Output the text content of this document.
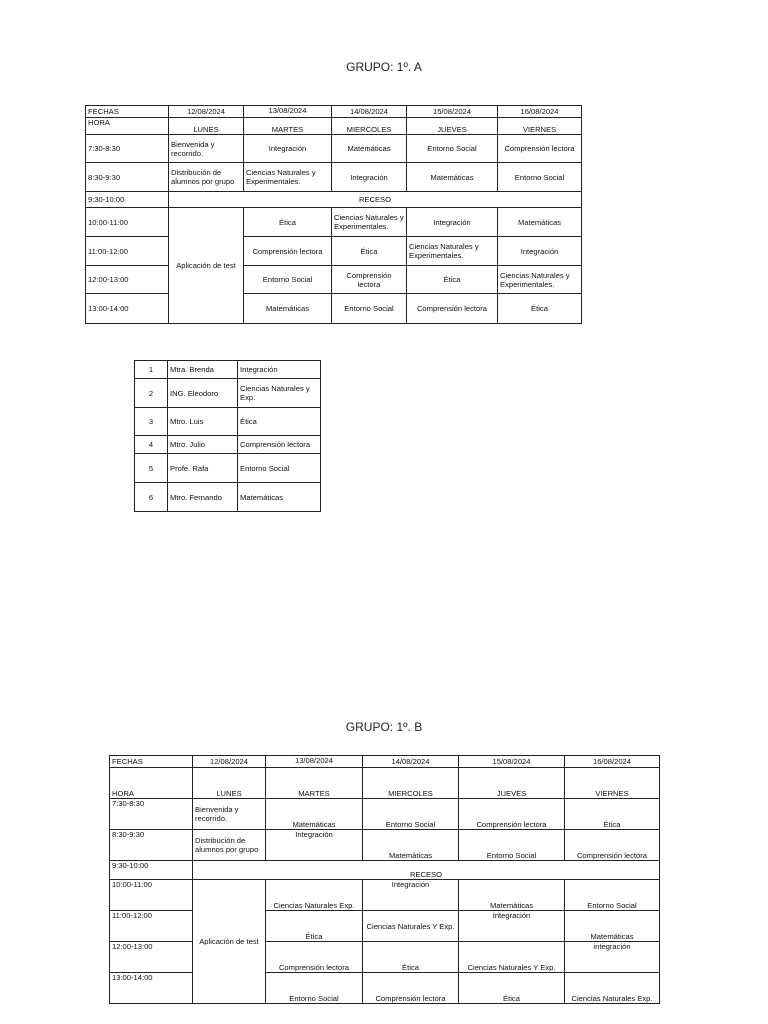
GRUPO: 1º. A
FECHAS	12/08/2024	13/08/2024	14/08/2024	15/08/2024	16/08/2024
HORA	LUNES	MARTES	MIERCOLES	JUEVES	VIERNES
7:30-8:30	Bienvenida y recorrido.	Integración	Matemáticas	Entorno Social	Comprensión lectora
8:30-9:30	Distribución de alumnos por grupo	Ciencias Naturales y Experimentales.	Integración	Matemáticas	Entorno Social
9:30-10:00	RECESO				
10:00-11:00	Aplicación de test	Ética	Ciencias Naturales y Experimentales.	Integración	Matemáticas
11:00-12:00		Comprensión lectora	Ética	Ciencias Naturales y Experimentales.	Integración
12:00-13:00		Entorno Social	Comprensión lectora	Ética	Ciencias Naturales y Experimentales.
13:00-14:00		Matemáticas	Entorno Social	Comprensión lectora	Ética
1	Mtra. Brenda	Integración
2	ING. Eleodoro	Ciencias Naturales y Exp.
3	Mtro. Luis	Ética
4	Mtro. Julio	Comprensión lectora
5	Profe. Rafa	Entorno Social
6	Mtro. Fernando	Matemáticas
GRUPO: 1º. B
FECHAS	12/08/2024	13/08/2024	14/08/2024	15/08/2024	16/08/2024
HORA	LUNES	MARTES	MIERCOLES	JUEVES	VIERNES
7:30-8:30	Bienvenida y recorrido.	Matemáticas	Entorno Social	Comprensión lectora	Ética
8:30-9:30	Distribución de alumnos por grupo	Integración	Matemáticas	Entorno Social	Comprensión lectora
9:30-10:00	RECESO				
10:00-11:00	Aplicación de test	Ciencias Naturales Exp.	Integración	Matemáticas	Entorno Social
11:00-12:00		Ética	Ciencias Naturales Y Exp.	Integración	Matemáticas
12:00-13:00		Comprensión lectora	Ética	Ciencias Naturales Y Exp.	integración
13:00-14:00		Entorno Social	Comprensión lectora	Ética	Ciencias Naturales Exp.
